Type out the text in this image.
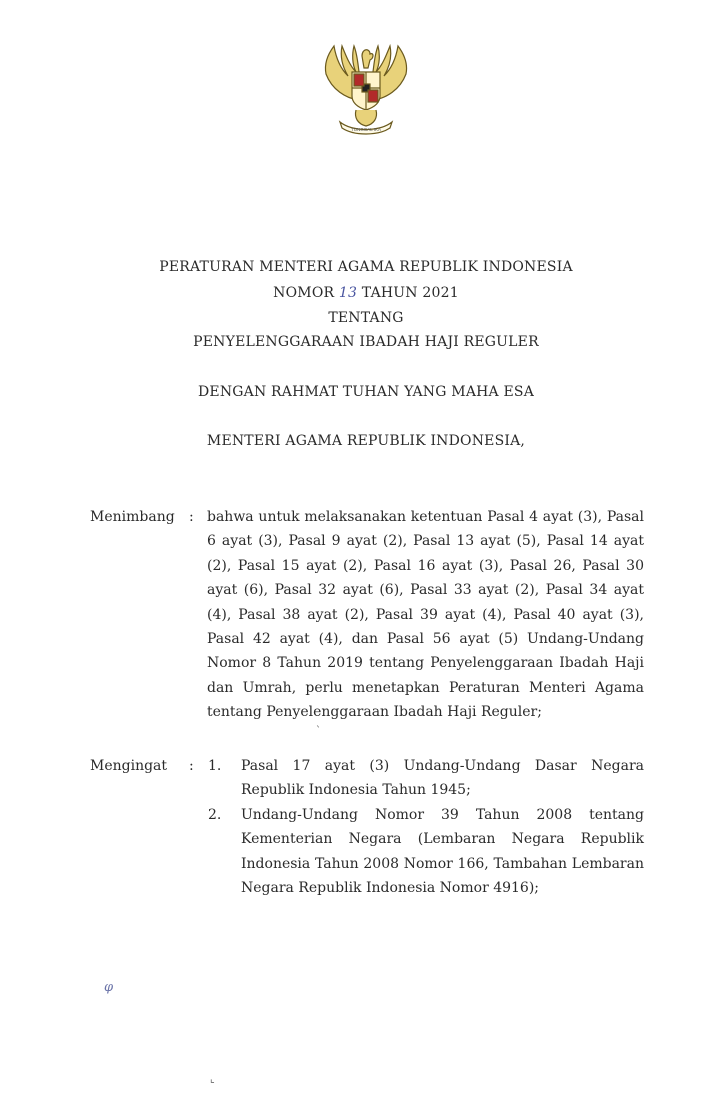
TUNGGAL IKA
PERATURAN MENTERI AGAMA REPUBLIK INDONESIA
NOMOR 13 TAHUN 2021
TENTANG
PENYELENGGARAAN IBADAH HAJI REGULER
DENGAN RAHMAT TUHAN YANG MAHA ESA
MENTERI AGAMA REPUBLIK INDONESIA,
Menimbang : bahwa untuk melaksanakan ketentuan Pasal 4 ayat (3), Pasal 6 ayat (3), Pasal 9 ayat (2), Pasal 13 ayat (5), Pasal 14 ayat (2), Pasal 15 ayat (2), Pasal 16 ayat (3), Pasal 26, Pasal 30 ayat (6), Pasal 32 ayat (6), Pasal 33 ayat (2), Pasal 34 ayat (4), Pasal 38 ayat (2), Pasal 39 ayat (4), Pasal 40 ayat (3), Pasal 42 ayat (4), dan Pasal 56 ayat (5) Undang-Undang Nomor 8 Tahun 2019 tentang Penyelenggaraan Ibadah Haji dan Umrah, perlu menetapkan Peraturan Menteri Agama tentang Penyelenggaraan Ibadah Haji Reguler;
`
Mengingat : 1. Pasal 17 ayat (3) Undang-Undang Dasar Negara Republik Indonesia Tahun 1945;
2. Undang-Undang Nomor 39 Tahun 2008 tentang Kementerian Negara (Lembaran Negara Republik Indonesia Tahun 2008 Nomor 166, Tambahan Lembaran Negara Republik Indonesia Nomor 4916);
φ
⌞
